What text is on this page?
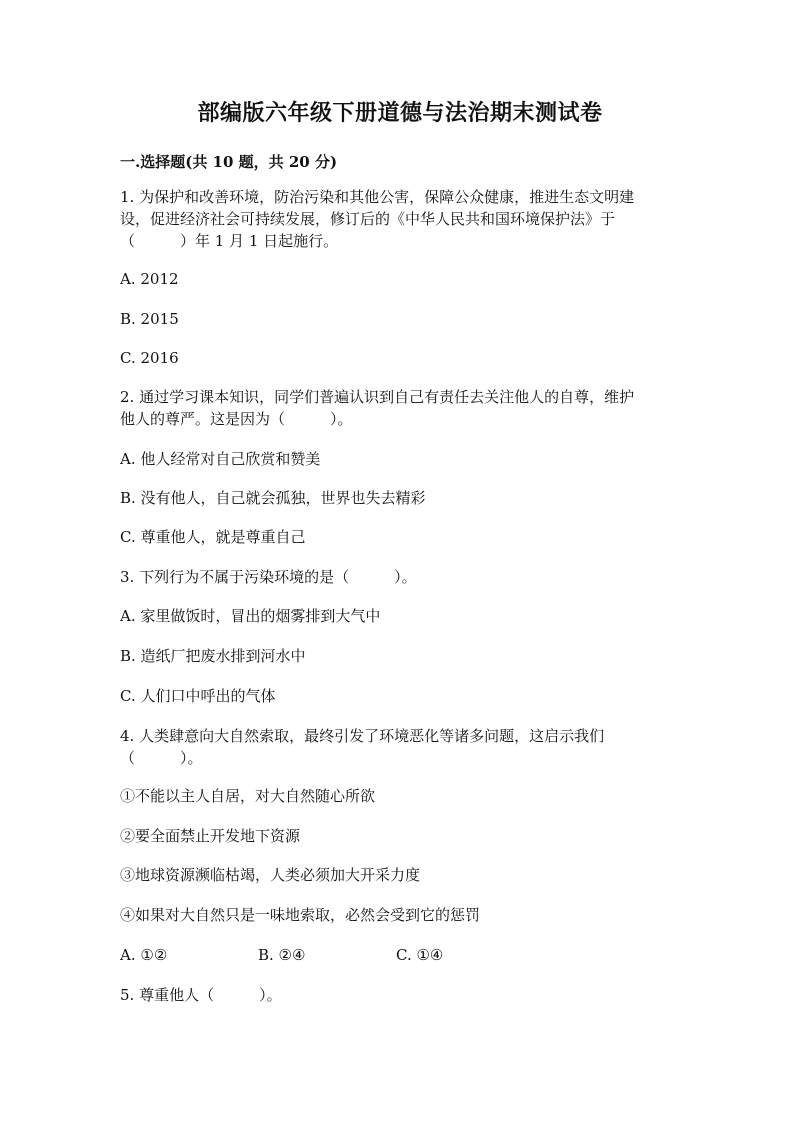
部编版六年级下册道德与法治期末测试卷

一.选择题(共 10 题，共 20 分)

1. 为保护和改善环境，防治污染和其他公害，保障公众健康，推进生态文明建

设，促进经济社会可持续发展，修订后的《中华人民共和国环境保护法》于

（　　　）年 1 月 1 日起施行。

A. 2012

B. 2015

C. 2016

2. 通过学习课本知识，同学们普遍认识到自己有责任去关注他人的自尊，维护

他人的尊严。这是因为（　　　）。

A. 他人经常对自己欣赏和赞美

B. 没有他人，自己就会孤独，世界也失去精彩

C. 尊重他人，就是尊重自己

3. 下列行为不属于污染环境的是（　　　）。

A. 家里做饭时，冒出的烟雾排到大气中

B. 造纸厂把废水排到河水中

C. 人们口中呼出的气体

4. 人类肆意向大自然索取，最终引发了环境恶化等诸多问题，这启示我们

（　　　）。

①不能以主人自居，对大自然随心所欲

②要全面禁止开发地下资源

③地球资源濒临枯竭，人类必须加大开采力度

④如果对大自然只是一味地索取，必然会受到它的惩罚

A. ①②	B. ②④	C. ①④

5. 尊重他人（　　　）。
